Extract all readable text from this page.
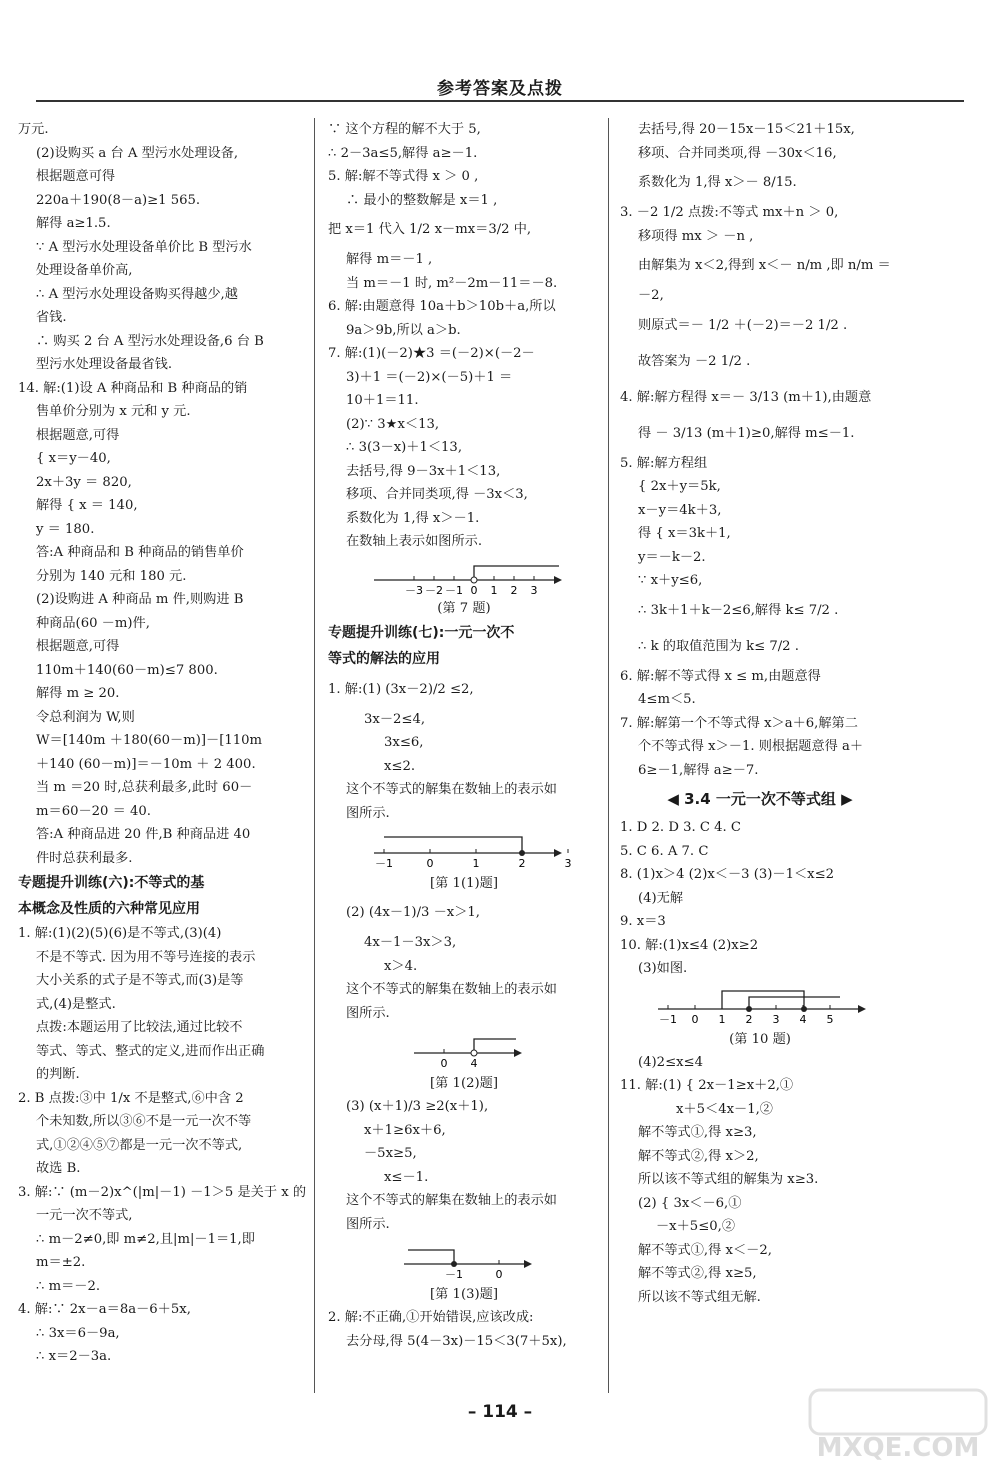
参考答案及点拨
万元.
(2)设购买 a 台 A 型污水处理设备,
根据题意可得
220a＋190(8－a)≥1 565.
解得 a≥1.5.
∵ A 型污水处理设备单价比 B 型污水
处理设备单价高,
∴ A 型污水处理设备购买得越少,越
省钱.
∴ 购买 2 台 A 型污水处理设备,6 台 B
型污水处理设备最省钱.
14. 解:(1)设 A 种商品和 B 种商品的销
售单价分别为 x 元和 y 元.
根据题意,可得
{ x＝y－40,
2x＋3y ＝ 820,
解得 { x ＝ 140,
y ＝ 180.
答:A 种商品和 B 种商品的销售单价
分别为 140 元和 180 元.
(2)设购进 A 种商品 m 件,则购进 B
种商品(60 －m)件,
根据题意,可得
110m＋140(60－m)≤7 800.
解得 m ≥ 20.
令总利润为 W,则
W＝[140m ＋180(60－m)]－[110m
＋140 (60－m)]＝－10m ＋ 2 400.
当 m ＝20 时,总获利最多,此时 60－
m＝60－20 ＝ 40.
答:A 种商品进 20 件,B 种商品进 40
件时总获利最多.
专题提升训练(六):不等式的基
本概念及性质的六种常见应用
1. 解:(1)(2)(5)(6)是不等式,(3)(4)
不是不等式. 因为用不等号连接的表示
大小关系的式子是不等式,而(3)是等
式,(4)是整式.
点拨:本题运用了比较法,通过比较不
等式、等式、整式的定义,进而作出正确
的判断.
2. B 点拨:③中 1/x 不是整式,⑥中含 2
个未知数,所以③⑥不是一元一次不等
式,①②④⑤⑦都是一元一次不等式,
故选 B.
3. 解:∵ (m－2)x^(|m|－1) －1＞5 是关于 x 的
一元一次不等式,
∴ m－2≠0,即 m≠2,且|m|－1＝1,即
m＝±2.
∴ m＝－2.
4. 解:∵ 2x－a＝8a－6＋5x,
∴ 3x＝6－9a,
∴ x＝2－3a.
∵ 这个方程的解不大于 5,
∴ 2－3a≤5,解得 a≥－1.
5. 解:解不等式得 x ＞ 0 ,
∴ 最小的整数解是 x＝1 ,
把 x＝1 代入 1/2 x－mx＝3/2 中,
解得 m＝－1 ,
当 m＝－1 时, m²－2m－11＝－8.
6. 解:由题意得 10a＋b＞10b＋a,所以
9a＞9b,所以 a＞b.
7. 解:(1)(－2)★3 ＝(－2)×(－2－
3)＋1 ＝(－2)×(－5)＋1 ＝
10＋1＝11.
(2)∵ 3★x＜13,
∴ 3(3－x)＋1＜13,
去括号,得 9－3x＋1＜13,
移项、合并同类项,得 －3x＜3,
系数化为 1,得 x＞－1.
在数轴上表示如图所示.
－3 －2 －1 0 1 2 3
(第 7 题)
专题提升训练(七):一元一次不
等式的解法的应用
1. 解:(1) (3x－2)/2 ≤2,
3x－2≤4,
3x≤6,
x≤2.
这个不等式的解集在数轴上的表示如
图所示.
－1	0	1	2	3
[第 1(1)题]
(2) (4x－1)/3 －x＞1,
4x－1－3x＞3,
x＞4.
这个不等式的解集在数轴上的表示如
图所示.
0 4
[第 1(2)题]
(3) (x＋1)/3 ≥2(x＋1),
x＋1≥6x＋6,
－5x≥5,
x≤－1.
这个不等式的解集在数轴上的表示如
图所示.
－1	0
[第 1(3)题]
2. 解:不正确,①开始错误,应该改成:
去分母,得 5(4－3x)－15＜3(7＋5x),
去括号,得 20－15x－15＜21＋15x,
移项、合并同类项,得 －30x＜16,
系数化为 1,得 x＞－ 8/15.
3. －2 1/2 点拨:不等式 mx＋n ＞ 0,
移项得 mx ＞ －n ,
由解集为 x＜2,得到 x＜－ n/m ,即 n/m ＝
－2,
则原式＝－ 1/2 ＋(－2)＝－2 1/2 .
故答案为 －2 1/2 .
4. 解:解方程得 x＝－ 3/13 (m＋1),由题意
得 － 3/13 (m＋1)≥0,解得 m≤－1.
5. 解:解方程组
{ 2x＋y＝5k,
x－y＝4k＋3,
得 { x＝3k＋1,
y＝－k－2.
∵ x＋y≤6,
∴ 3k＋1＋k－2≤6,解得 k≤ 7/2 .
∴ k 的取值范围为 k≤ 7/2 .
6. 解:解不等式得 x ≤ m,由题意得
4≤m＜5.
7. 解:解第一个不等式得 x＞a＋6,解第二
个不等式得 x＞－1. 则根据题意得 a＋
6≥－1,解得 a≥－7.
◀ 3.4 一元一次不等式组 ▶
1. D 2. D 3. C 4. C
5. C 6. A 7. C
8. (1)x＞4 (2)x＜－3 (3)－1＜x≤2
(4)无解
9. x＝3
10. 解:(1)x≤4 (2)x≥2
(3)如图.
－1 0 1 2 3 4 5
(第 10 题)
(4)2≤x≤4
11. 解:(1) { 2x－1≥x＋2,①
x＋5＜4x－1,②
解不等式①,得 x≥3,
解不等式②,得 x＞2,
所以该不等式组的解集为 x≥3.
(2) { 3x＜－6,①
－x＋5≤0,②
解不等式①,得 x＜－2,
解不等式②,得 x≥5,
所以该不等式组无解.
– 114 –
MXQE.COM
